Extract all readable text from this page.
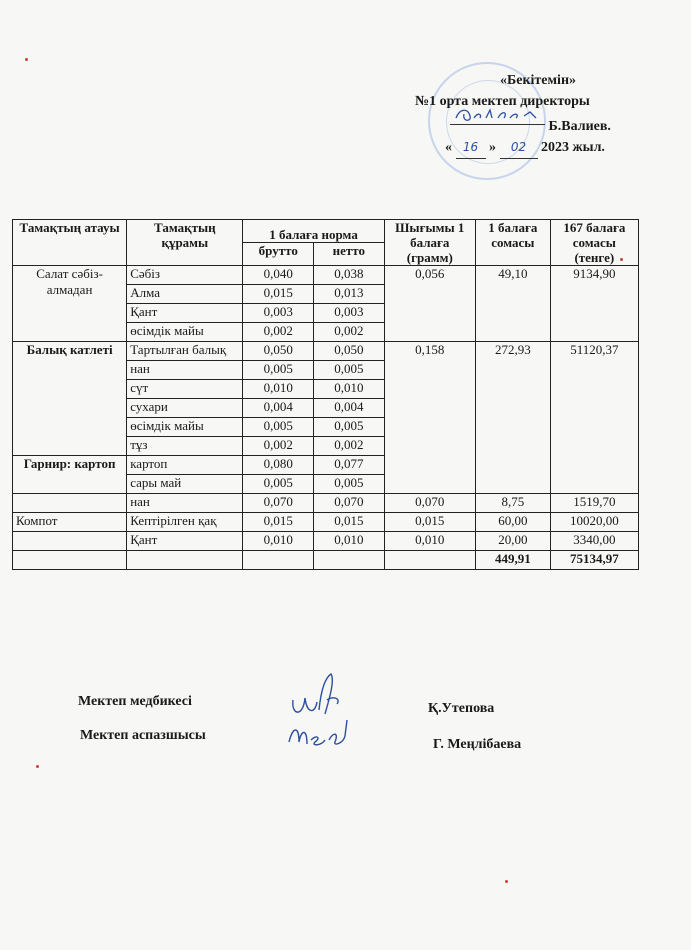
«Бекітемін»
№1 орта мектеп директоры
Б.Валиев.
« 16 » 02 2023 жыл.
Тамақтың атауы	Тамақтың құрамы	1 балаға норма		Шығымы 1 балаға (грамм)	1 балаға сомасы	167 балаға сомасы (тенге)
		брутто	нетто			
Салат сәбіз-алмадан	Сәбіз	0,040	0,038	0,056	49,10	9134,90
	Алма	0,015	0,013			
	Қант	0,003	0,003			
	өсімдік майы	0,002	0,002			
Балық катлеті	Тартылған балық	0,050	0,050	0,158	272,93	51120,37
	нан	0,005	0,005			
	сүт	0,010	0,010			
	сухари	0,004	0,004			
	өсімдік майы	0,005	0,005			
	тұз	0,002	0,002			
Гарнир: картоп	картоп	0,080	0,077			
	сары май	0,005	0,005			
	нан	0,070	0,070	0,070	8,75	1519,70
Компот	Кептірілген қақ	0,015	0,015	0,015	60,00	10020,00
	Қант	0,010	0,010	0,010	20,00	3340,00
					449,91	75134,97
Мектеп медбикесі	Қ.Утепова
Мектеп аспазшысы
Г. Меңлібаева
